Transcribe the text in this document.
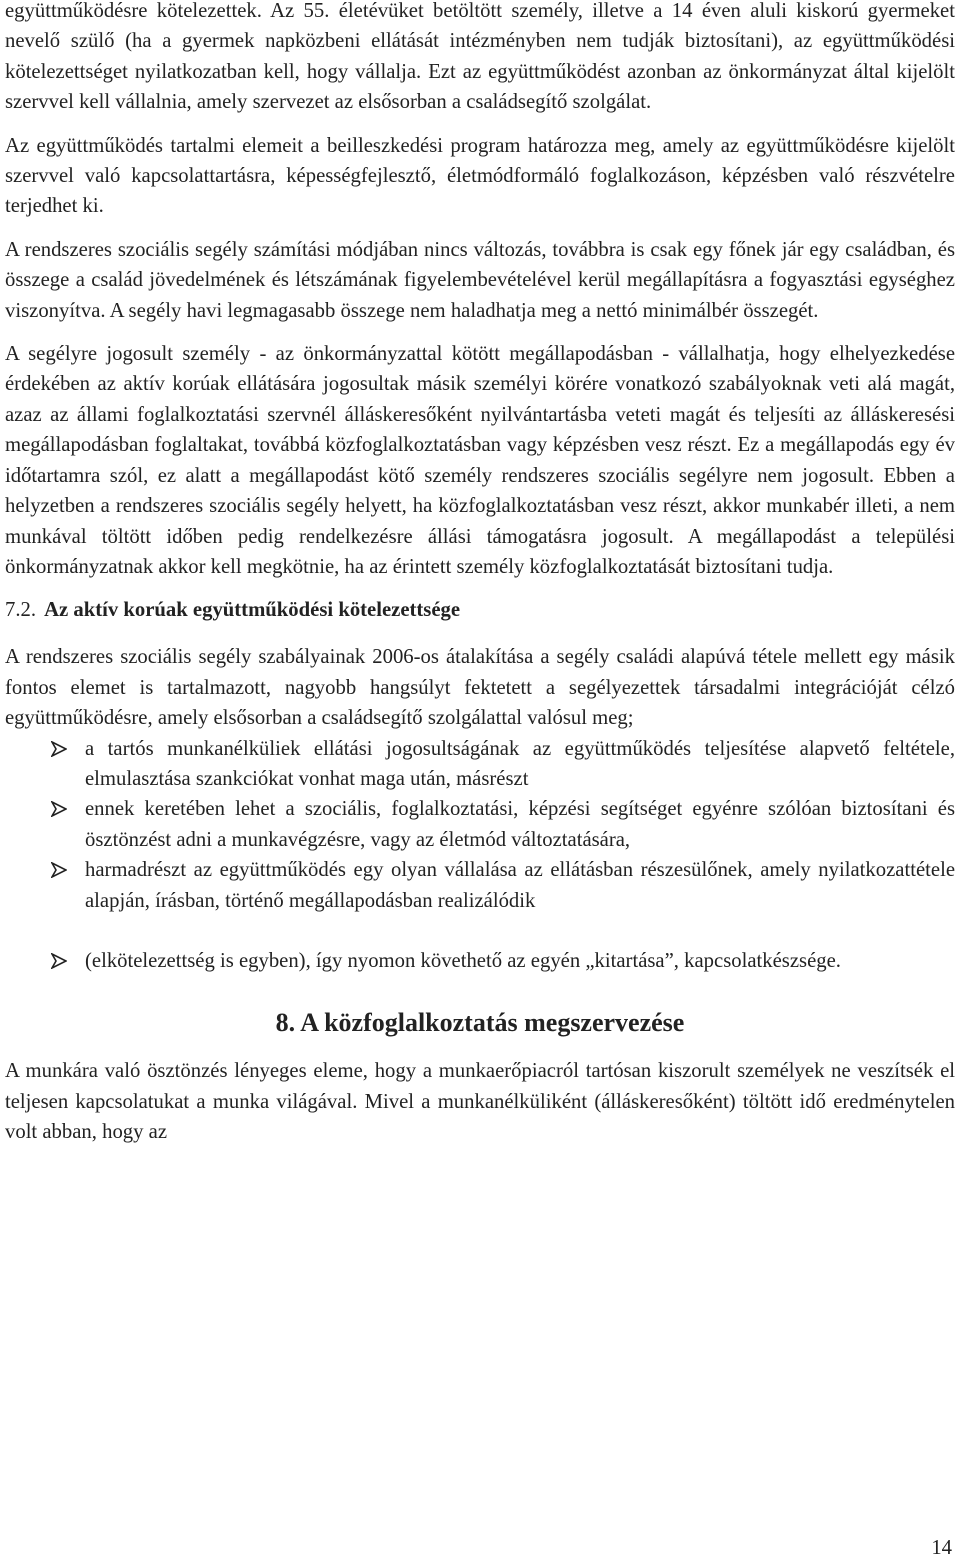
együttműködésre kötelezettek. Az 55. életévüket betöltött személy, illetve a 14 éven aluli kiskorú gyermeket nevelő szülő (ha a gyermek napközbeni ellátását intézményben nem tudják biztosítani), az együttműködési kötelezettséget nyilatkozatban kell, hogy vállalja. Ezt az együttműködést azonban az önkormányzat által kijelölt szervvel kell vállalnia, amely szervezet az elsősorban a családsegítő szolgálat.

Az együttműködés tartalmi elemeit a beilleszkedési program határozza meg, amely az együttműködésre kijelölt szervvel való kapcsolattartásra, képességfejlesztő, életmódformáló foglalkozáson, képzésben való részvételre terjedhet ki.

A rendszeres szociális segély számítási módjában nincs változás, továbbra is csak egy főnek jár egy családban, és összege a család jövedelmének és létszámának figyelembevételével kerül megállapításra a fogyasztási egységhez viszonyítva. A segély havi legmagasabb összege nem haladhatja meg a nettó minimálbér összegét.

A segélyre jogosult személy - az önkormányzattal kötött megállapodásban - vállalhatja, hogy elhelyezkedése érdekében az aktív korúak ellátására jogosultak másik személyi körére vonatkozó szabályoknak veti alá magát, azaz az állami foglalkoztatási szervnél álláskeresőként nyilvántartásba veteti magát és teljesíti az álláskeresési megállapodásban foglaltakat, továbbá közfoglalkoztatásban vagy képzésben vesz részt. Ez a megállapodás egy év időtartamra szól, ez alatt a megállapodást kötő személy rendszeres szociális segélyre nem jogosult. Ebben a helyzetben a rendszeres szociális segély helyett, ha közfoglalkoztatásban vesz részt, akkor munkabér illeti, a nem munkával töltött időben pedig rendelkezésre állási támogatásra jogosult. A megállapodást a települési önkormányzatnak akkor kell megkötnie, ha az érintett személy közfoglalkoztatását biztosítani tudja.

7.2. Az aktív korúak együttműködési kötelezettsége

A rendszeres szociális segély szabályainak 2006-os átalakítása a segély családi alapúvá tétele mellett egy másik fontos elemet is tartalmazott, nagyobb hangsúlyt fektetett a segélyezettek társadalmi integrációját célzó együttműködésre, amely elsősorban a családsegítő szolgálattal valósul meg;

a tartós munkanélküliek ellátási jogosultságának az együttműködés teljesítése alapvető feltétele, elmulasztása szankciókat vonhat maga után, másrészt
ennek keretében lehet a szociális, foglalkoztatási, képzési segítséget egyénre szólóan biztosítani és ösztönzést adni a munkavégzésre, vagy az életmód változtatására,
harmadrészt az együttműködés egy olyan vállalása az ellátásban részesülőnek, amely nyilatkozattétele alapján, írásban, történő megállapodásban realizálódik
(elkötelezettség is egyben), így nyomon követhető az egyén „kitartása”, kapcsolatkészsége.
8. A közfoglalkoztatás megszervezése

A munkára való ösztönzés lényeges eleme, hogy a munkaerőpiacról tartósan kiszorult személyek ne veszítsék el teljesen kapcsolatukat a munka világával. Mivel a munkanélküliként (álláskeresőként) töltött idő eredménytelen volt abban, hogy az

14
